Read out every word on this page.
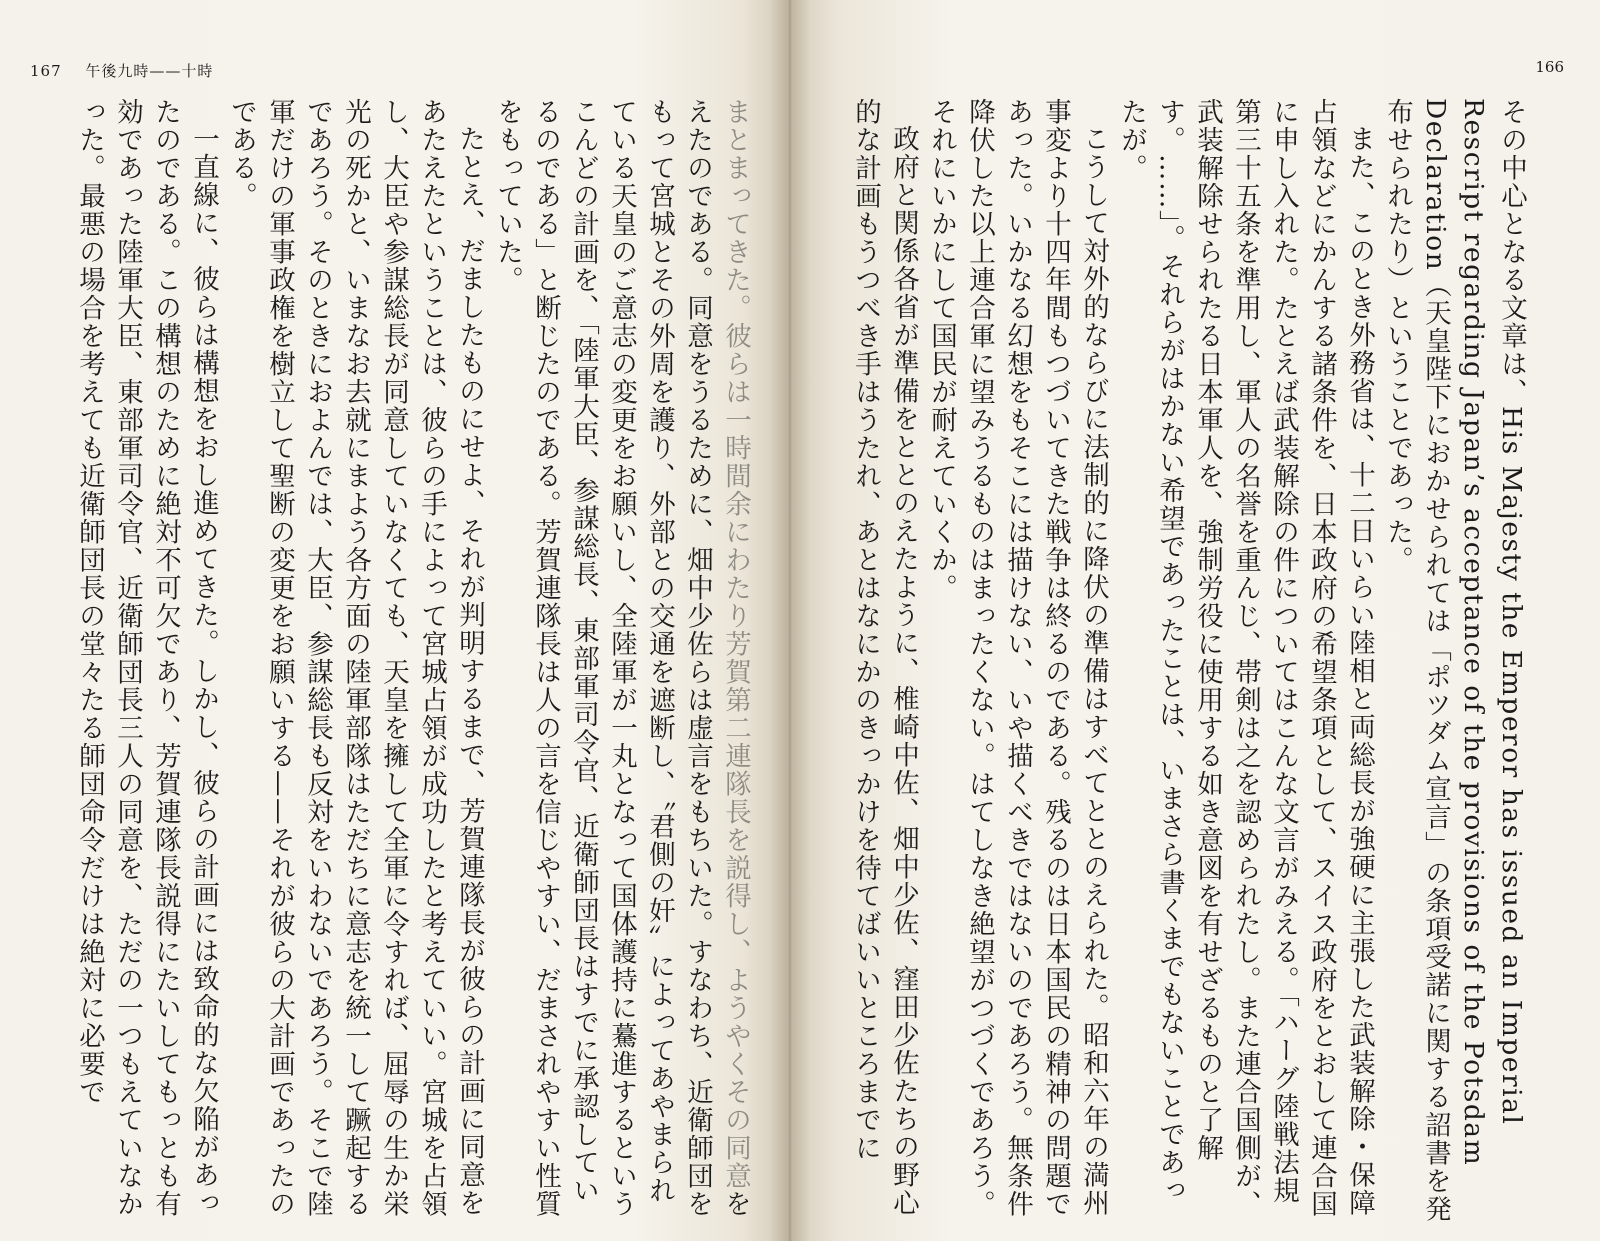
167 午後九時——十時

まとまってきた。彼らは一時間余にわたり芳賀第二連隊長を説得し、ようやくその同意をえたのである。同意をうるために、畑中少佐らは虚言をもちいた。すなわち、近衛師団をもって宮城とその外周を護り、外部との交通を遮断し、〝君側の奸〟によってあやまられている天皇のご意志の変更をお願いし、全陸軍が一丸となって国体護持に驀進するというこんどの計画を、「陸軍大臣、参謀総長、東部軍司令官、近衛師団長はすでに承認しているのである」と断じたのである。芳賀連隊長は人の言を信じやすい、だまされやすい性質をもっていた。

たとえ、だましたものにせよ、それが判明するまで、芳賀連隊長が彼らの計画に同意をあたえたということは、彼らの手によって宮城占領が成功したと考えていい。宮城を占領し、大臣や参謀総長が同意していなくても、天皇を擁して全軍に令すれば、屈辱の生か栄光の死かと、いまなお去就にまよう各方面の陸軍部隊はただちに意志を統一して蹶起するであろう。そのときにおよんでは、大臣、参謀総長も反対をいわないであろう。そこで陸軍だけの軍事政権を樹立して聖断の変更をお願いする——それが彼らの大計画であったのである。

一直線に、彼らは構想をおし進めてきた。しかし、彼らの計画には致命的な欠陥があったのである。この構想のために絶対不可欠であり、芳賀連隊長説得にたいしてもっとも有効であった陸軍大臣、東部軍司令官、近衛師団長三人の同意を、ただの一つもえていなかった。最悪の場合を考えても近衛師団長の堂々たる師団命令だけは絶対に必要で

166

その中心となる文章は、His Majesty the Emperor has issued an Imperial Rescript regarding Japan’s acceptance of the provisions of the Potsdam Declaration（天皇陛下におかせられては「ポツダム宣言」の条項受諾に関する詔書を発布せられたり）ということであった。

また、このとき外務省は、十二日いらい陸相と両総長が強硬に主張した武装解除・保障占領などにかんする諸条件を、日本政府の希望条項として、スイス政府をとおして連合国に申し入れた。たとえば武装解除の件についてはこんな文言がみえる。「ハーグ陸戦法規第三十五条を準用し、軍人の名誉を重んじ、帯剣は之を認められたし。また連合国側が、武装解除せられたる日本軍人を、強制労役に使用する如き意図を有せざるものと了解す。……」。それらがはかない希望であったことは、いまさら書くまでもないことであったが。

こうして対外的ならびに法制的に降伏の準備はすべてととのえられた。昭和六年の満州事変より十四年間もつづいてきた戦争は終るのである。残るのは日本国民の精神の問題であった。いかなる幻想をもそこには描けない、いや描くべきではないのであろう。無条件降伏した以上連合軍に望みうるものはまったくない。はてしなき絶望がつづくであろう。それにいかにして国民が耐えていくか。

政府と関係各省が準備をととのえたように、椎崎中佐、畑中少佐、窪田少佐たちの野心的な計画もうつべき手はうたれ、あとはなにかのきっかけを待てばいいところまでに
